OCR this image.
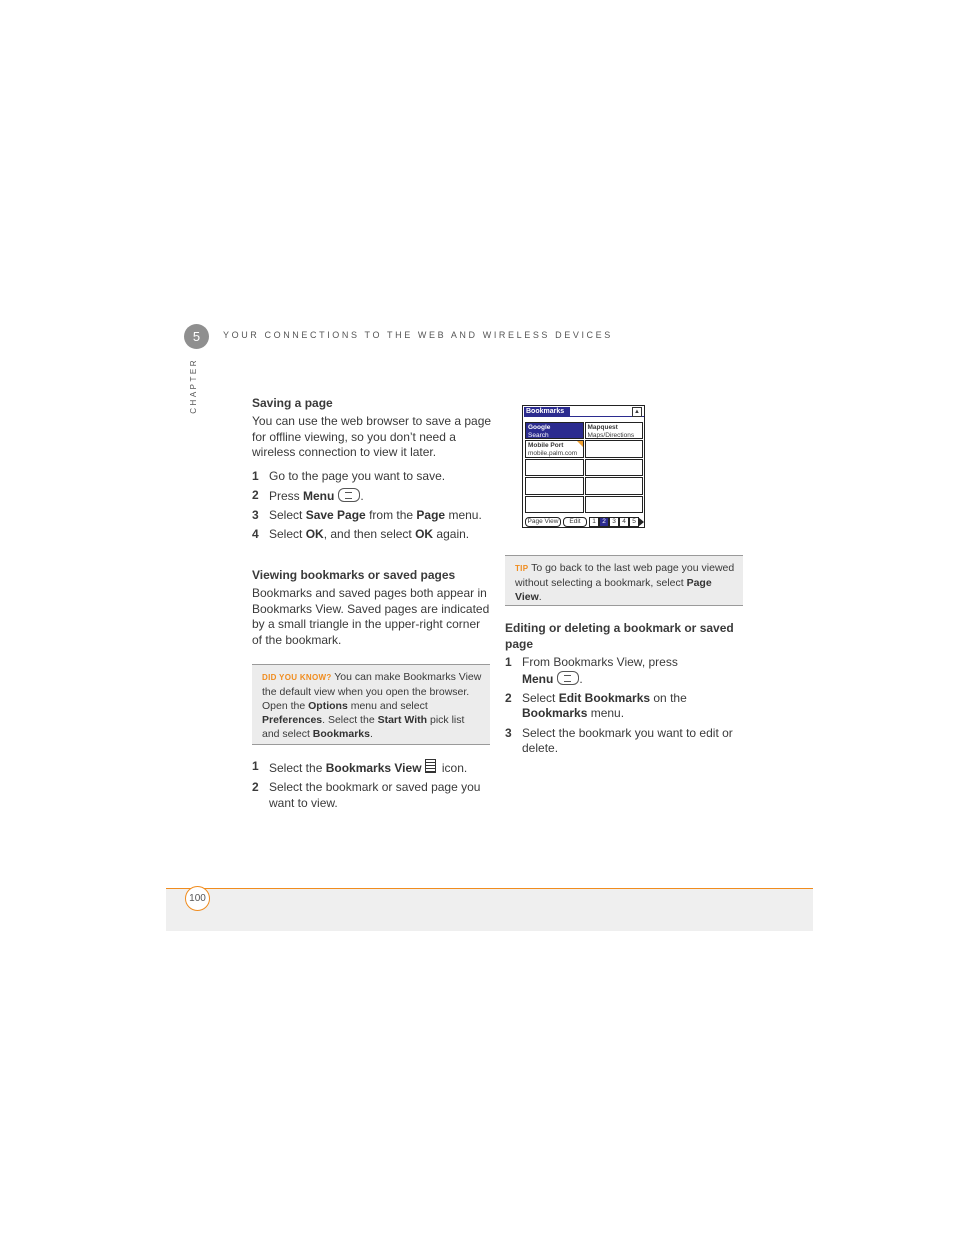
5	YOUR CONNECTIONS TO THE WEB AND WIRELESS DEVICES
CHAPTER	Saving a page

You can use the web browser to save a page for offline viewing, so you don’t need a wireless connection to view it later.

1 Go to the page you want to save.
2 Press Menu .
3 Select Save Page from the Page menu.
4 Select OK, and then select OK again.
Viewing bookmarks or saved pages

Bookmarks and saved pages both appear in Bookmarks View. Saved pages are indicated by a small triangle in the upper-right corner of the bookmark.

DID YOU KNOW? You can make Bookmarks View the default view when you open the browser. Open the Options menu and select Preferences. Select the Start With pick list and select Bookmarks.
1 Select the Bookmarks View icon.
2 Select the bookmark or saved page you want to view.
Bookmarks	▲
Google
Search
Mapquest
Maps/Directions
Mobile Port
mobile.palm.com
Page View	Edit	1 2 3 4 5
TIP To go back to the last web page you viewed without selecting a bookmark, select Page View.
Editing or deleting a bookmark or saved page
1 From Bookmarks View, press
Menu .
2 Select Edit Bookmarks on the
Bookmarks menu.
3 Select the bookmark you want to edit or delete.
100
